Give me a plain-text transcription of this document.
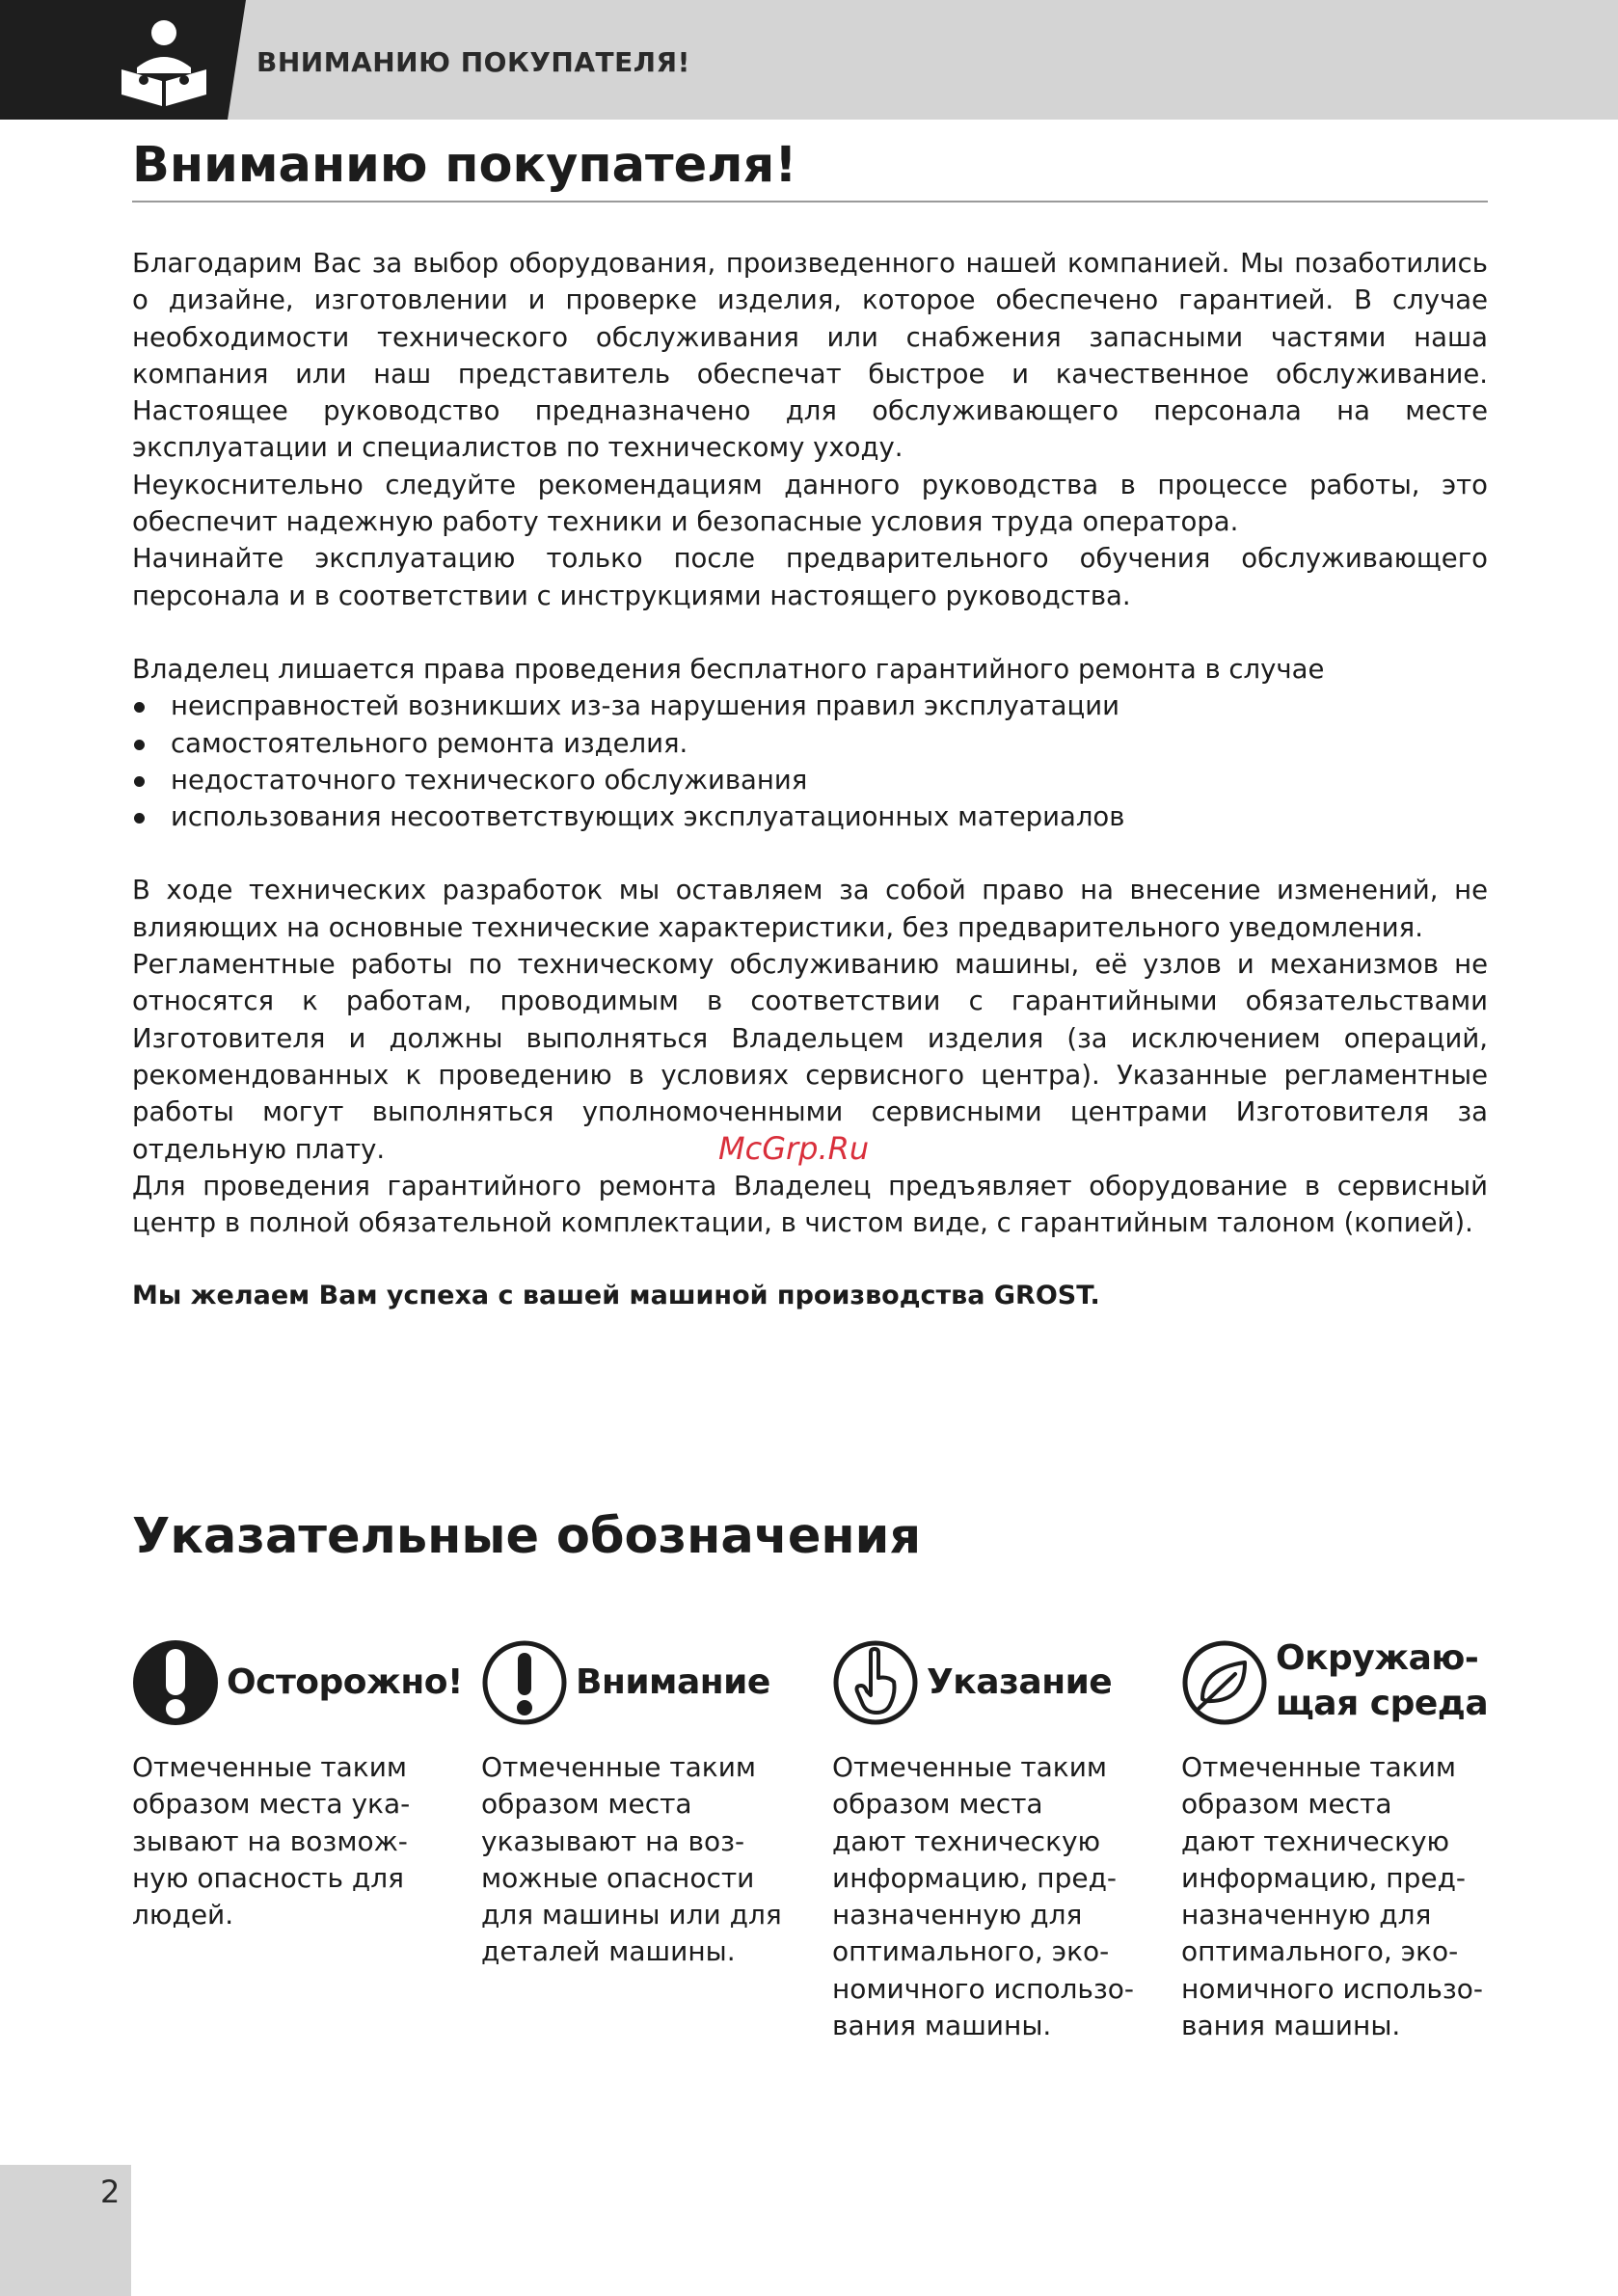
ВНИМАНИЮ ПОКУПАТЕЛЯ!
Вниманию покупателя!

Благодарим Вас за выбор оборудования, произведенного нашей компанией. Мы позаботились о дизайне, изготовлении и проверке изделия, которое обеспечено гарантией. В случае необходимости технического обслуживания или снабжения запасными частями наша компания или наш представитель обеспечат быстрое и качественное обслуживание. Настоящее руководство предназначено для обслуживающего персонала на месте эксплуатации и специалистов по техническому уходу.

Неукоснительно следуйте рекомендациям данного руководства в процессе работы, это обеспечит надежную работу техники и безопасные условия труда оператора.

Начинайте эксплуатацию только после предварительного обучения обслуживающего персонала и в соответствии с инструкциями настоящего руководства.

Владелец лишается права проведения бесплатного гарантийного ремонта в случае

неисправностей возникших из-за нарушения правил эксплуатации
самостоятельного ремонта изделия.
недостаточного технического обслуживания
использования несоответствующих эксплуатационных материалов

В ходе технических разработок мы оставляем за собой право на внесение изменений, не влияющих на основные технические характеристики, без предварительного уведомления.

Регламентные работы по техническому обслуживанию машины, её узлов и механизмов не относятся к работам, проводимым в соответствии с гарантийными обязательствами Изготовителя и должны выполняться Владельцем изделия (за исключением операций, рекомендованных к проведению в условиях сервисного центра). Указанные регламентные работы могут выполняться уполномоченными сервисными центрами Изготовителя за отдельную плату.

Для проведения гарантийного ремонта Владелец предъявляет оборудование в сервисный центр в полной обязательной комплектации, в чистом виде, с гарантийным талоном (копией).

Мы желаем Вам успеха с вашей машиной производства GROST.

McGrp.Ru
Указательные обозначения
Осторожно!

Отмеченные таким
образом места ука-
зывают на возмож-
ную опасность для
людей.

Внимание

Отмеченные таким
образом места
указывают на воз-
можные опасности
для машины или для
деталей машины.

Указание

Отмеченные таким
образом места
дают техническую
информацию, пред-
назначенную для
оптимального, эко-
номичного использо-
вания машины.

Окружаю-
щая среда

Отмеченные таким
образом места
дают техническую
информацию, пред-
назначенную для
оптимального, эко-
номичного использо-
вания машины.

2
